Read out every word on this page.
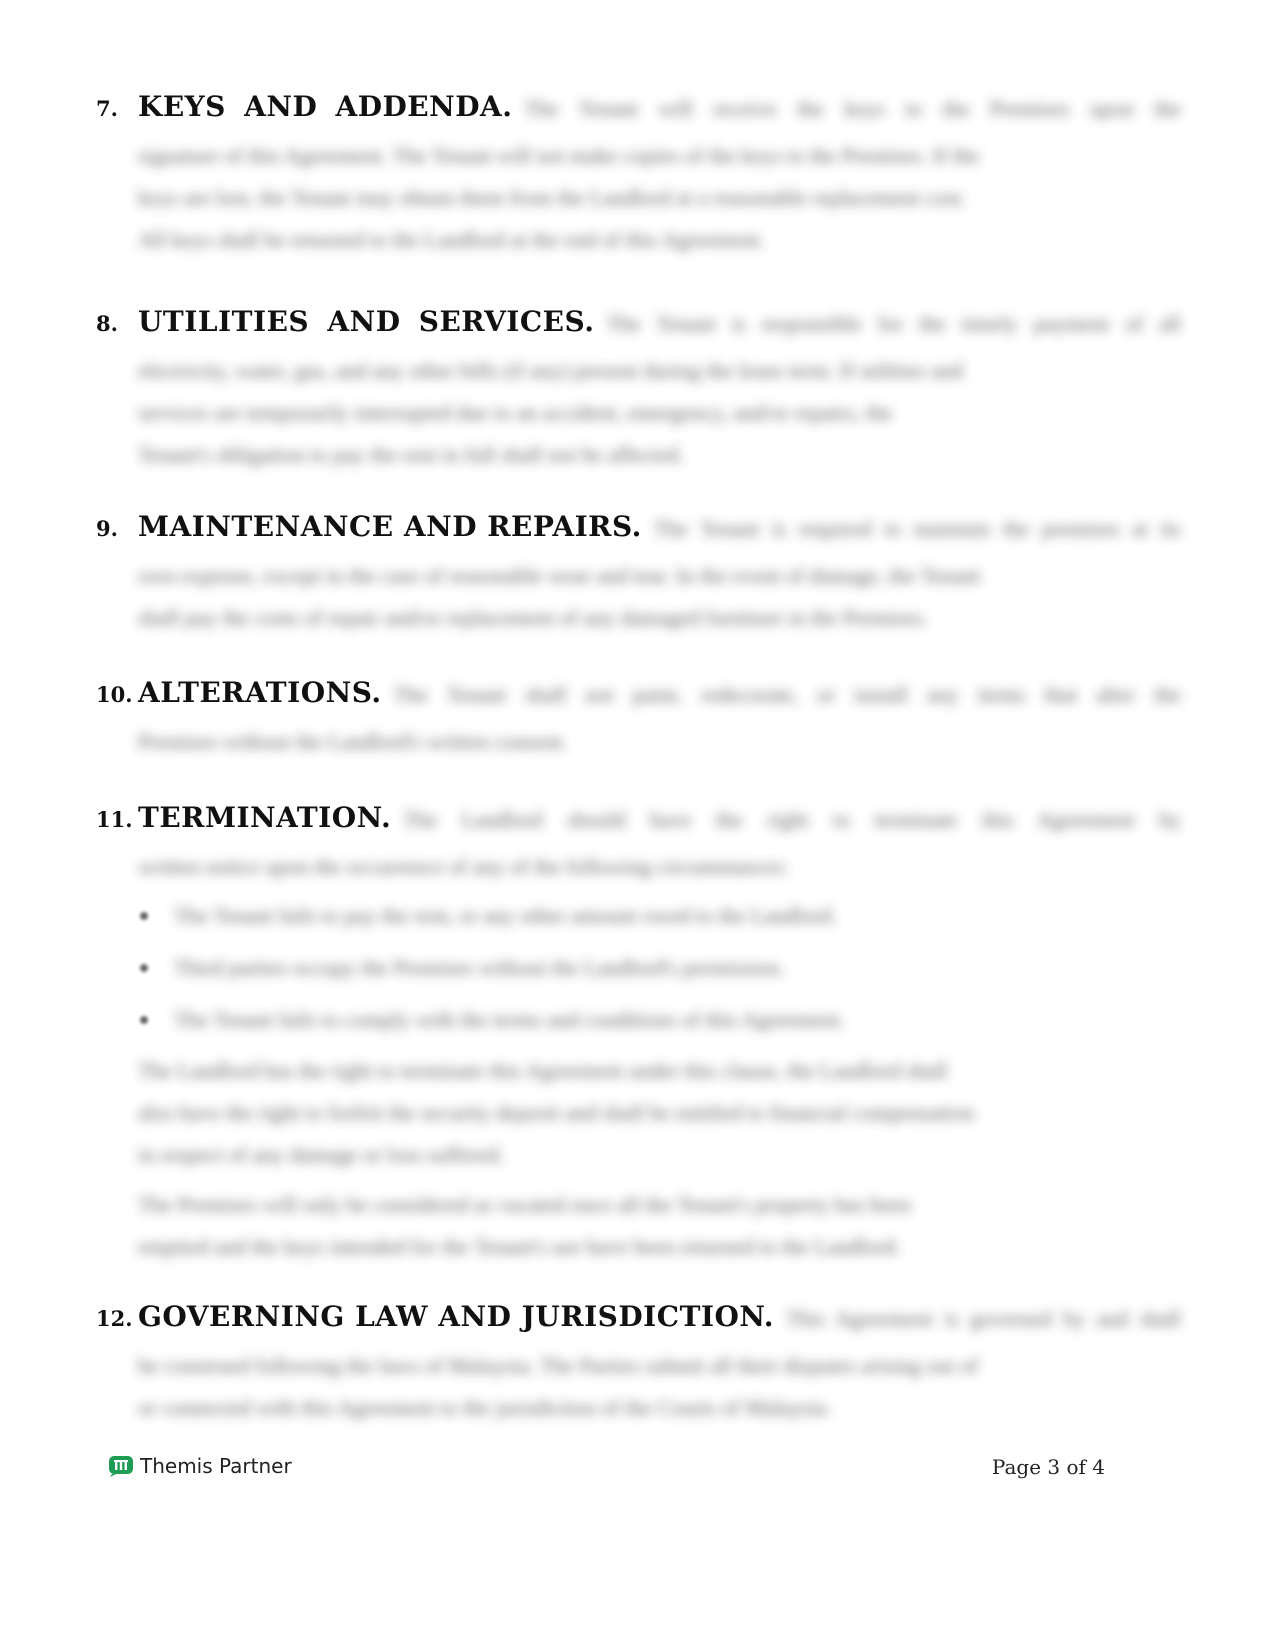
7. KEYS AND ADDENDA. The Tenant will receive the keys to the Premises upon the
signature of this Agreement. The Tenant will not make copies of the keys to the Premises. If the
keys are lost, the Tenant may obtain them from the Landlord at a reasonable replacement cost.
All keys shall be returned to the Landlord at the end of this Agreement.
8. UTILITIES AND SERVICES. The Tenant is responsible for the timely payment of all
electricity, water, gas, and any other bills (if any) present during the lease term. If utilities and
services are temporarily interrupted due to an accident, emergency, and/or repairs, the
Tenant's obligation to pay the rent in full shall not be affected.
9. MAINTENANCE AND REPAIRS. The Tenant is required to maintain the premises at its
own expense, except in the case of reasonable wear and tear. In the event of damage, the Tenant
shall pay the costs of repair and/or replacement of any damaged furniture in the Premises.
10. ALTERATIONS. The Tenant shall not paint, redecorate, or install any items that alter the
Premises without the Landlord's written consent.
11. TERMINATION. The Landlord should have the right to terminate this Agreement by
written notice upon the occurrence of any of the following circumstances:
The Tenant fails to pay the rent, or any other amount owed to the Landlord.
Third parties occupy the Premises without the Landlord's permission.
The Tenant fails to comply with the terms and conditions of this Agreement.
The Landlord has the right to terminate this Agreement under this clause, the Landlord shall
also have the right to forfeit the security deposit and shall be entitled to financial compensation
in respect of any damage or loss suffered.
The Premises will only be considered as vacated once all the Tenant's property has been
emptied and the keys intended for the Tenant's use have been returned to the Landlord.
12. GOVERNING LAW AND JURISDICTION. This Agreement is governed by and shall
be construed following the laws of Malaysia. The Parties submit all their disputes arising out of
or connected with this Agreement to the jurisdiction of the Courts of Malaysia.
Themis Partner	Page 3 of 4
